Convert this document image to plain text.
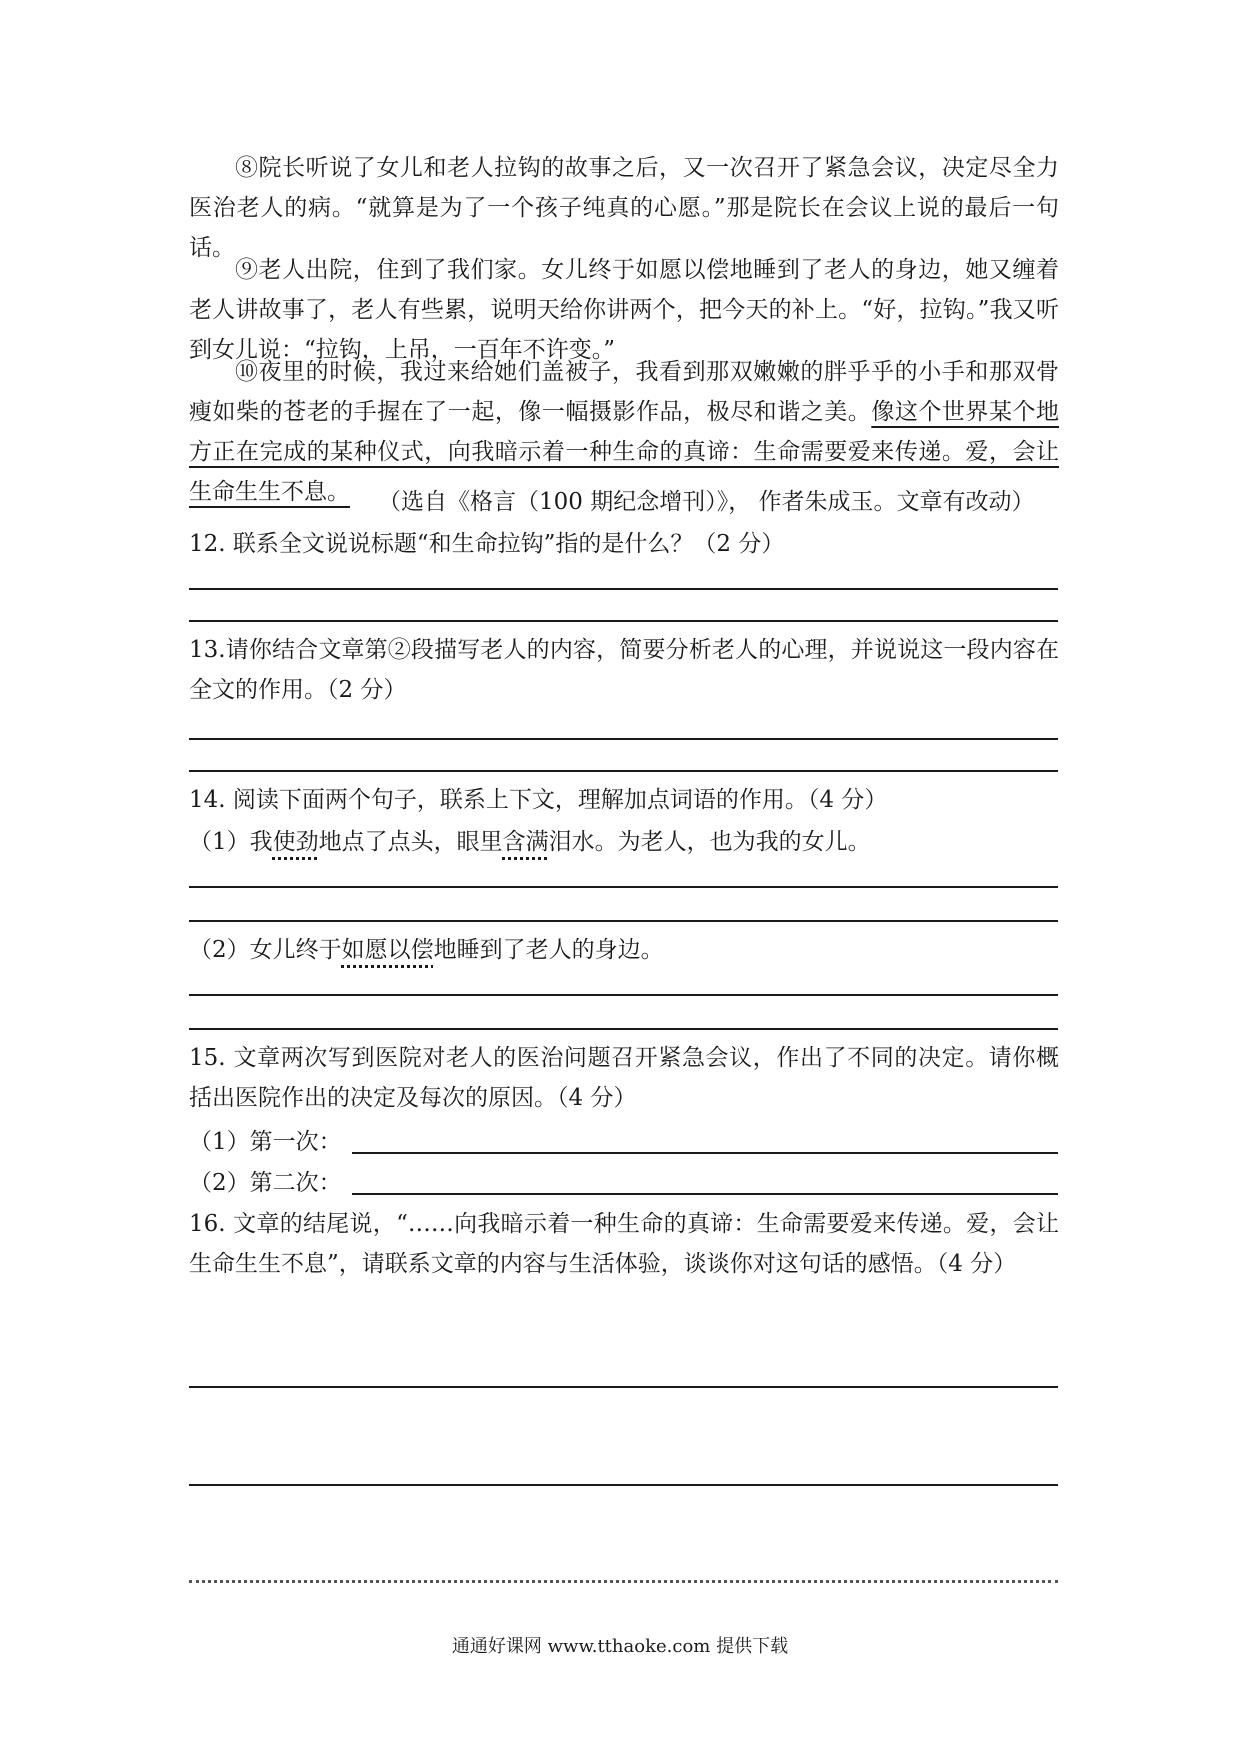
⑧院长听说了女儿和老人拉钩的故事之后，又一次召开了紧急会议，决定尽全力医治老人的病。“就算是为了一个孩子纯真的心愿。”那是院长在会议上说的最后一句话。

⑨老人出院，住到了我们家。女儿终于如愿以偿地睡到了老人的身边，她又缠着老人讲故事了，老人有些累，说明天给你讲两个，把今天的补上。“好，拉钩。”我又听到女儿说：“拉钩，上吊，一百年不许变。”

⑩夜里的时候，我过来给她们盖被子，我看到那双嫩嫩的胖乎乎的小手和那双骨瘦如柴的苍老的手握在了一起，像一幅摄影作品，极尽和谐之美。像这个世界某个地方正在完成的某种仪式，向我暗示着一种生命的真谛：生命需要爱来传递。爱，会让生命生生不息。	（选自《格言（100 期纪念增刊）》， 作者朱成玉。文章有改动）

12. 联系全文说说标题“和生命拉钩”指的是什么？（2 分）

13.请你结合文章第②段描写老人的内容，简要分析老人的心理，并说说这一段内容在全文的作用。（2 分）

14. 阅读下面两个句子，联系上下文，理解加点词语的作用。（4 分）

（1）我使劲地点了点头，眼里含满泪水。为老人，也为我的女儿。
（2）女儿终于如愿以偿地睡到了老人的身边。

15. 文章两次写到医院对老人的医治问题召开紧急会议，作出了不同的决定。请你概括出医院作出的决定及每次的原因。（4 分）

（1）第一次：
（2）第二次：

16. 文章的结尾说，“……向我暗示着一种生命的真谛：生命需要爱来传递。爱，会让生命生生不息”，请联系文章的内容与生活体验，谈谈你对这句话的感悟。（4 分）

通通好课网 www.tthaoke.com 提供下载
